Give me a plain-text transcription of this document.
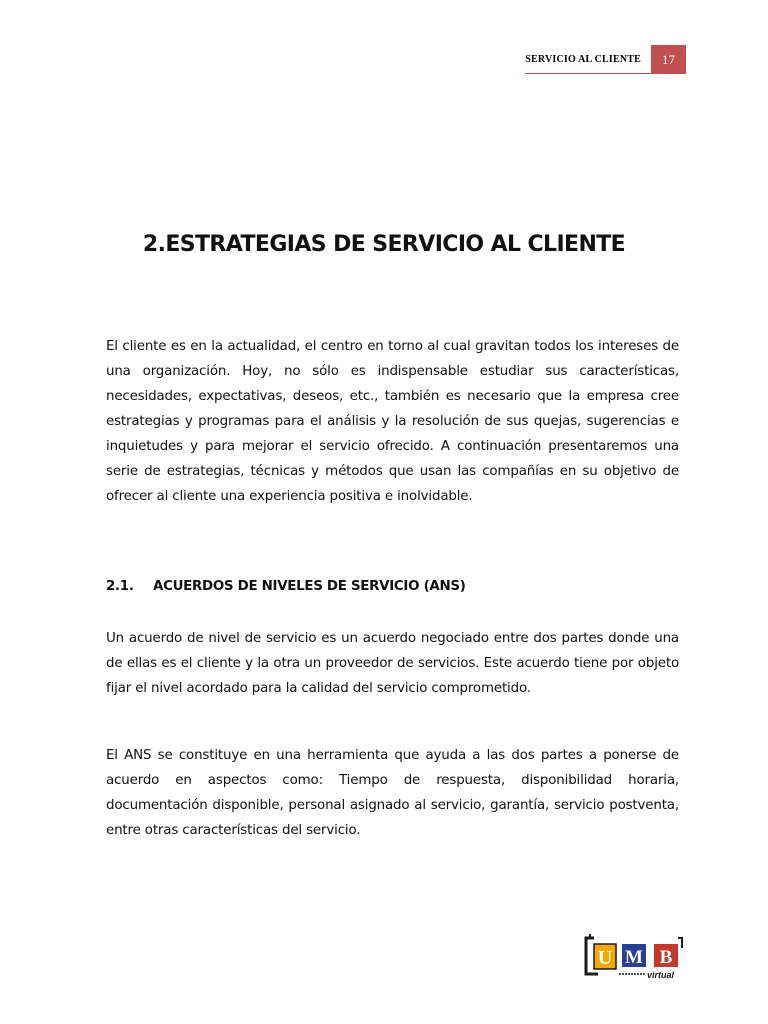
SERVICIO AL CLIENTE	17
2.ESTRATEGIAS DE SERVICIO AL CLIENTE

El cliente es en la actualidad, el centro en torno al cual gravitan todos los intereses de una organización. Hoy, no sólo es indispensable estudiar sus características, necesidades, expectativas, deseos, etc., también es necesario que la empresa cree estrategias y programas para el análisis y la resolución de sus quejas, sugerencias e inquietudes y para mejorar el servicio ofrecido. A continuación presentaremos una serie de estrategias, técnicas y métodos que usan las compañías en su objetivo de ofrecer al cliente una experiencia positiva e inolvidable.

2.1.	ACUERDOS DE NIVELES DE SERVICIO (ANS)

Un acuerdo de nivel de servicio es un acuerdo negociado entre dos partes donde una de ellas es el cliente y la otra un proveedor de servicios. Este acuerdo tiene por objeto fijar el nivel acordado para la calidad del servicio comprometido.

El ANS se constituye en una herramienta que ayuda a las dos partes a ponerse de acuerdo en aspectos como: Tiempo de respuesta, disponibilidad horaria, documentación disponible, personal asignado al servicio, garantía, servicio postventa, entre otras características del servicio.

U M B
virtual
